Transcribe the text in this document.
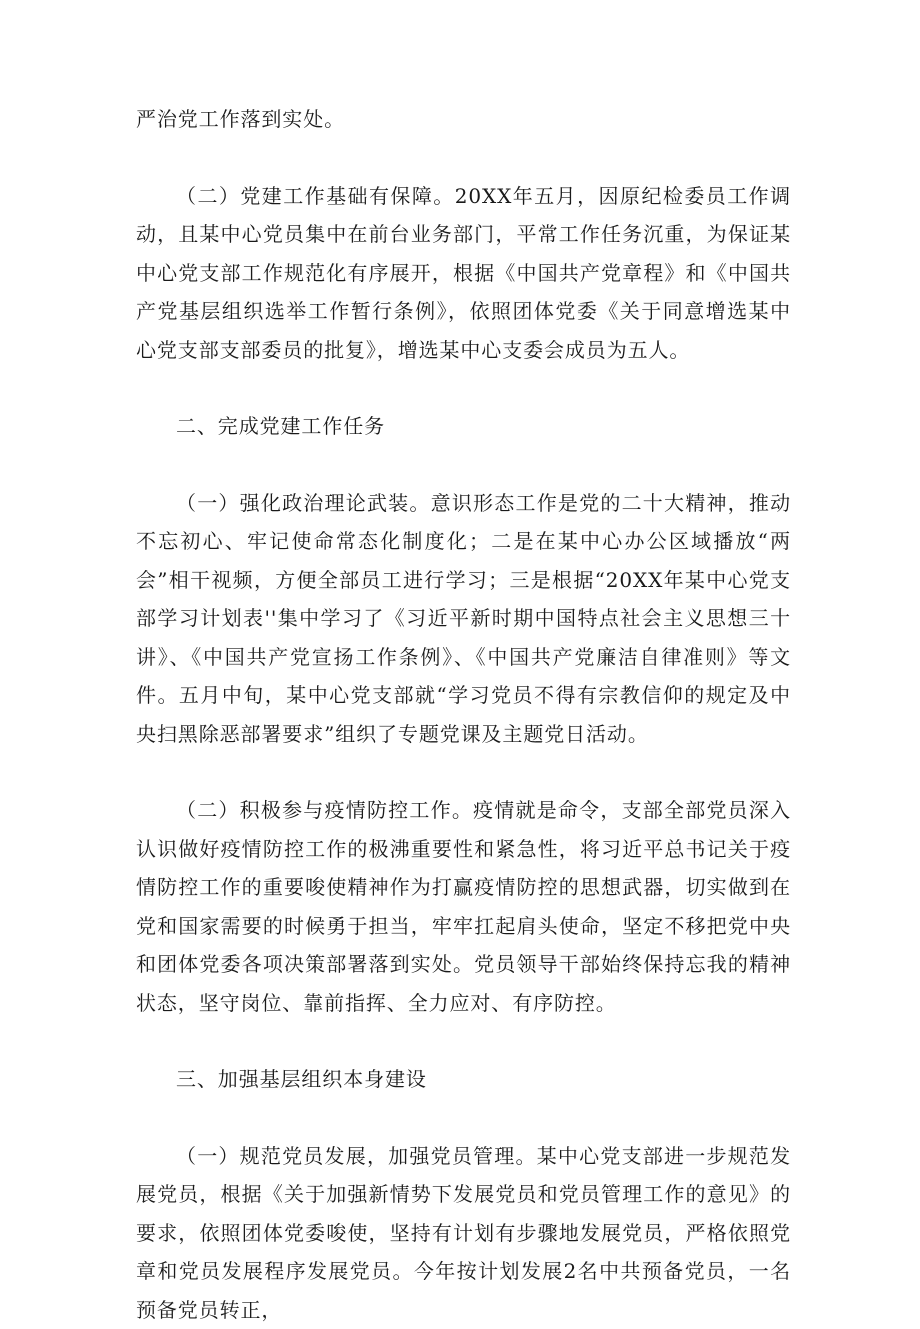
严治党工作落到实处。

（二）党建工作基础有保障。20XX年五月，因原纪检委员工作调动，且某中心党员集中在前台业务部门，平常工作任务沉重，为保证某中心党支部工作规范化有序展开，根据《中国共产党章程》和《中国共产党基层组织选举工作暂行条例》，依照团体党委《关于同意增选某中心党支部支部委员的批复》，增选某中心支委会成员为五人。

二、完成党建工作任务

（一）强化政治理论武装。意识形态工作是党的二十大精神，推动不忘初心、牢记使命常态化制度化；二是在某中心办公区域播放“两会”相干视频，方便全部员工进行学习；三是根据“20XX年某中心党支部学习计划表''集中学习了《习近平新时期中国特点社会主义思想三十讲》、《中国共产党宣扬工作条例》、《中国共产党廉洁自律准则》等文件。五月中旬，某中心党支部就“学习党员不得有宗教信仰的规定及中央扫黑除恶部署要求”组织了专题党课及主题党日活动。

（二）积极参与疫情防控工作。疫情就是命令，支部全部党员深入认识做好疫情防控工作的极沸重要性和紧急性，将习近平总书记关于疫情防控工作的重要唆使精神作为打赢疫情防控的思想武器，切实做到在党和国家需要的时候勇于担当，牢牢扛起肩头使命，坚定不移把党中央和团体党委各项决策部署落到实处。党员领导干部始终保持忘我的精神状态，坚守岗位、靠前指挥、全力应对、有序防控。

三、加强基层组织本身建设

（一）规范党员发展，加强党员管理。某中心党支部进一步规范发展党员，根据《关于加强新情势下发展党员和党员管理工作的意见》的要求，依照团体党委唆使，坚持有计划有步骤地发展党员，严格依照党章和党员发展程序发展党员。今年按计划发展2名中共预备党员，一名预备党员转正，
